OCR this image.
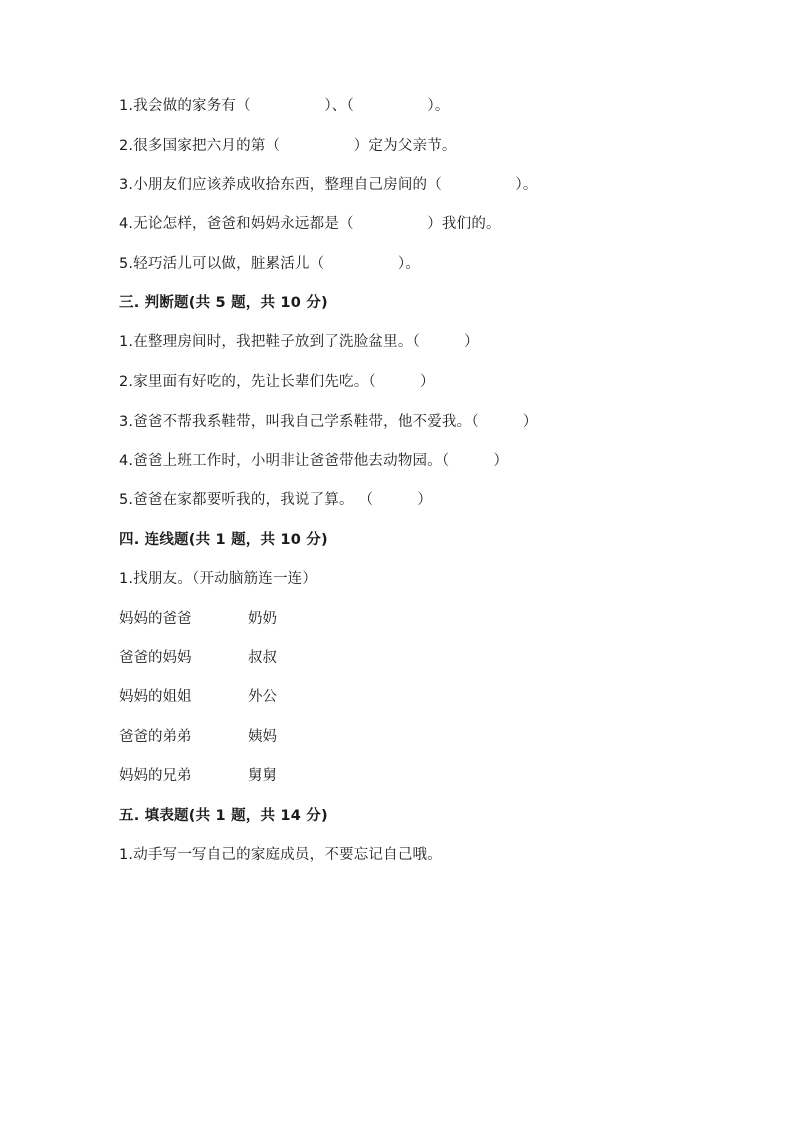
1.我会做的家务有（　　　　　）、（　　　　　）。
2.很多国家把六月的第（　　　　　）定为父亲节。
3.小朋友们应该养成收拾东西，整理自己房间的（　　　　　）。
4.无论怎样，爸爸和妈妈永远都是（　　　　　）我们的。
5.轻巧活儿可以做，脏累活儿（　　　　　）。
三. 判断题(共 5 题，共 10 分)
1.在整理房间时，我把鞋子放到了洗脸盆里。（　　　）
2.家里面有好吃的，先让长辈们先吃。（　　　）
3.爸爸不帮我系鞋带，叫我自己学系鞋带，他不爱我。（　　　）
4.爸爸上班工作时，小明非让爸爸带他去动物园。（　　　）
5.爸爸在家都要听我的，我说了算。 （　　　）
四. 连线题(共 1 题，共 10 分)
1.找朋友。（开动脑筋连一连）
妈妈的爸爸	奶奶
爸爸的妈妈	叔叔
妈妈的姐姐	外公
爸爸的弟弟	姨妈
妈妈的兄弟	舅舅
五. 填表题(共 1 题，共 14 分)
1.动手写一写自己的家庭成员，不要忘记自己哦。
